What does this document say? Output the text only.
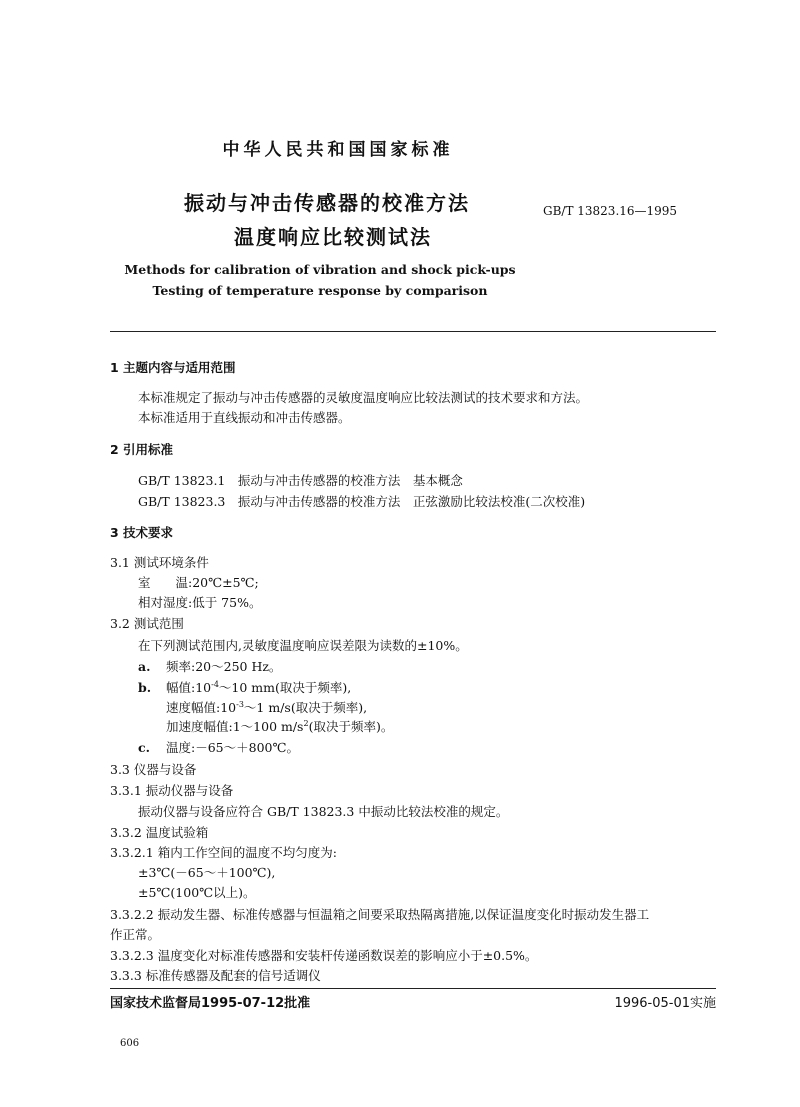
中华人民共和国国家标准
振动与冲击传感器的校准方法
温度响应比较测试法
GB/T 13823.16—1995
Methods for calibration of vibration and shock pick-ups
Testing of temperature response by comparison
1 主题内容与适用范围
本标准规定了振动与冲击传感器的灵敏度温度响应比较法测试的技术要求和方法。
本标准适用于直线振动和冲击传感器。
2 引用标准
GB/T 13823.1　 振动与冲击传感器的校准方法　基本概念
GB/T 13823.3　 振动与冲击传感器的校准方法　正弦激励比较法校准(二次校准)
3 技术要求
3.1 测试环境条件
室　　温:20℃±5℃;
相对湿度:低于 75%。
3.2 测试范围
在下列测试范围内,灵敏度温度响应误差限为读数的±10%。
a. 频率:20～250 Hz。
b. 幅值$:10^{-4}\sim 10$ mm(取决于频率),
速度幅值$:10^{-3}\sim 1$ m/s(取决于频率),
加速度幅值:1～100 $m/s^2$(取决于频率)。
c. 温度:－65～＋800℃。
3.3 仪器与设备
3.3.1 振动仪器与设备
振动仪器与设备应符合 GB/T 13823.3 中振动比较法校准的规定。
3.3.2 温度试验箱
3.3.2.1 箱内工作空间的温度不均匀度为:
±3℃(－65～＋100℃),
±5℃(100℃以上)。
3.3.2.2 振动发生器、标准传感器与恒温箱之间要采取热隔离措施,以保证温度变化时振动发生器工
作正常。
3.3.2.3 温度变化对标准传感器和安装杆传递函数误差的影响应小于±0.5%。
3.3.3 标准传感器及配套的信号适调仪
国家技术监督局1995-07-12批准	1996-05-01实施
606
